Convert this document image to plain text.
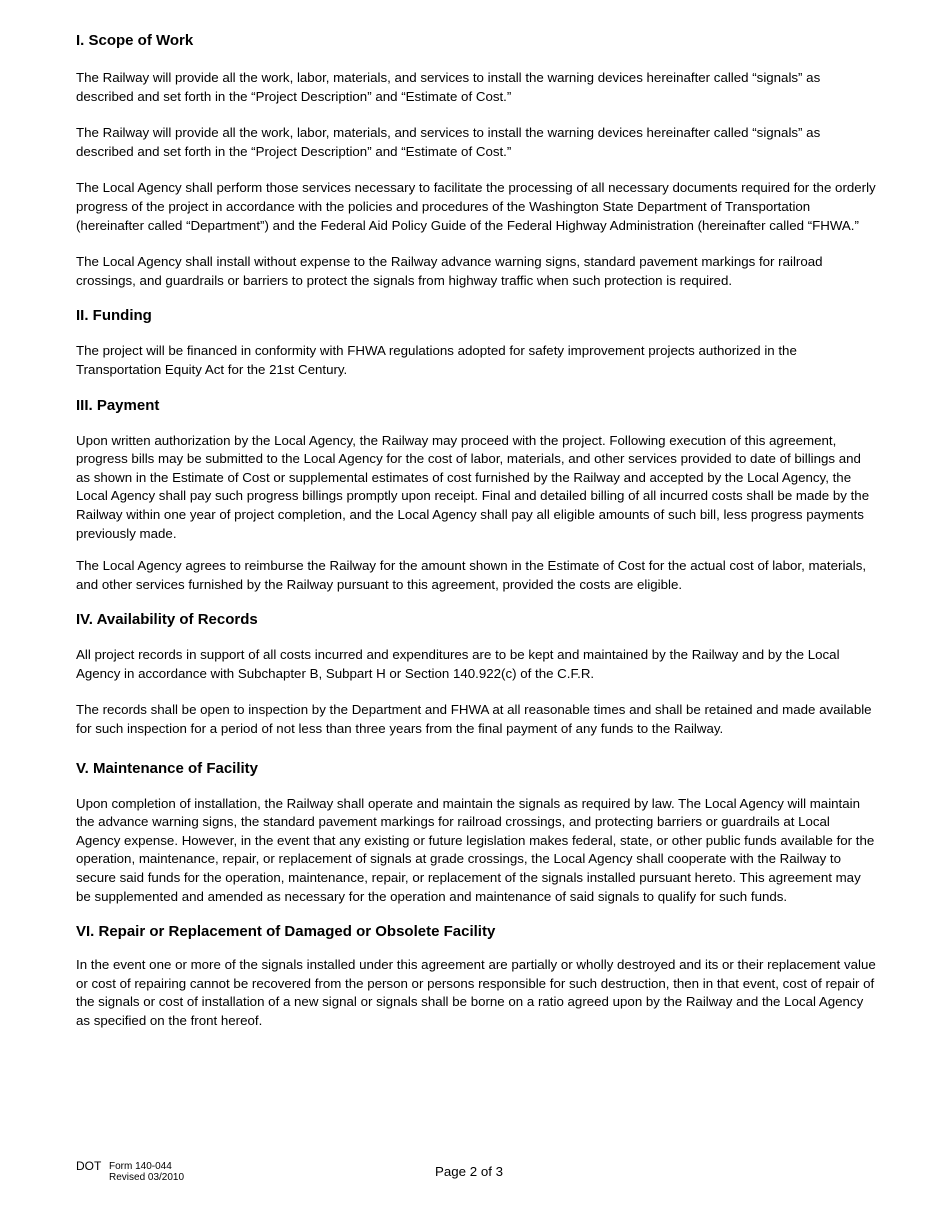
I. Scope of Work

The Railway will provide all the work, labor, materials, and services to install the warning devices hereinafter called “signals” as described and set forth in the “Project Description” and “Estimate of Cost.”

The Railway will provide all the work, labor, materials, and services to install the warning devices hereinafter called “signals” as described and set forth in the “Project Description” and “Estimate of Cost.”

The Local Agency shall perform those services necessary to facilitate the processing of all necessary documents required for the orderly progress of the project in accordance with the policies and procedures of the Washington State Department of Transportation (hereinafter called “Department”) and the Federal Aid Policy Guide of the Federal Highway Administration (hereinafter called “FHWA.”

The Local Agency shall install without expense to the Railway advance warning signs, standard pavement markings for railroad crossings, and guardrails or barriers to protect the signals from highway traffic when such protection is required.

II. Funding

The project will be financed in conformity with FHWA regulations adopted for safety improvement projects authorized in the Transportation Equity Act for the 21st Century.

III. Payment

Upon written authorization by the Local Agency, the Railway may proceed with the project. Following execution of this agreement, progress bills may be submitted to the Local Agency for the cost of labor, materials, and other services provided to date of billings and as shown in the Estimate of Cost or supplemental estimates of cost furnished by the Railway and accepted by the Local Agency, the Local Agency shall pay such progress billings promptly upon receipt. Final and detailed billing of all incurred costs shall be made by the Railway within one year of project completion, and the Local Agency shall pay all eligible amounts of such bill, less progress payments previously made.

The Local Agency agrees to reimburse the Railway for the amount shown in the Estimate of Cost for the actual cost of labor, materials, and other services furnished by the Railway pursuant to this agreement, provided the costs are eligible.

IV. Availability of Records

All project records in support of all costs incurred and expenditures are to be kept and maintained by the Railway and by the Local Agency in accordance with Subchapter B, Subpart H or Section 140.922(c) of the C.F.R.

The records shall be open to inspection by the Department and FHWA at all reasonable times and shall be retained and made available for such inspection for a period of not less than three years from the final payment of any funds to the Railway.

V. Maintenance of Facility

Upon completion of installation, the Railway shall operate and maintain the signals as required by law. The Local Agency will maintain the advance warning signs, the standard pavement markings for railroad crossings, and protecting barriers or guardrails at Local Agency expense. However, in the event that any existing or future legislation makes federal, state, or other public funds available for the operation, maintenance, repair, or replacement of signals at grade crossings, the Local Agency shall cooperate with the Railway to secure said funds for the operation, maintenance, repair, or replacement of the signals installed pursuant hereto. This agreement may be supplemented and amended as necessary for the operation and maintenance of said signals to qualify for such funds.

VI. Repair or Replacement of Damaged or Obsolete Facility

In the event one or more of the signals installed under this agreement are partially or wholly destroyed and its or their replacement value or cost of repairing cannot be recovered from the person or persons responsible for such destruction, then in that event, cost of repair of the signals or cost of installation of a new signal or signals shall be borne on a ratio agreed upon by the Railway and the Local Agency as specified on the front hereof.

DOT Form 140-044
Revised 03/2010	Page 2 of 3
